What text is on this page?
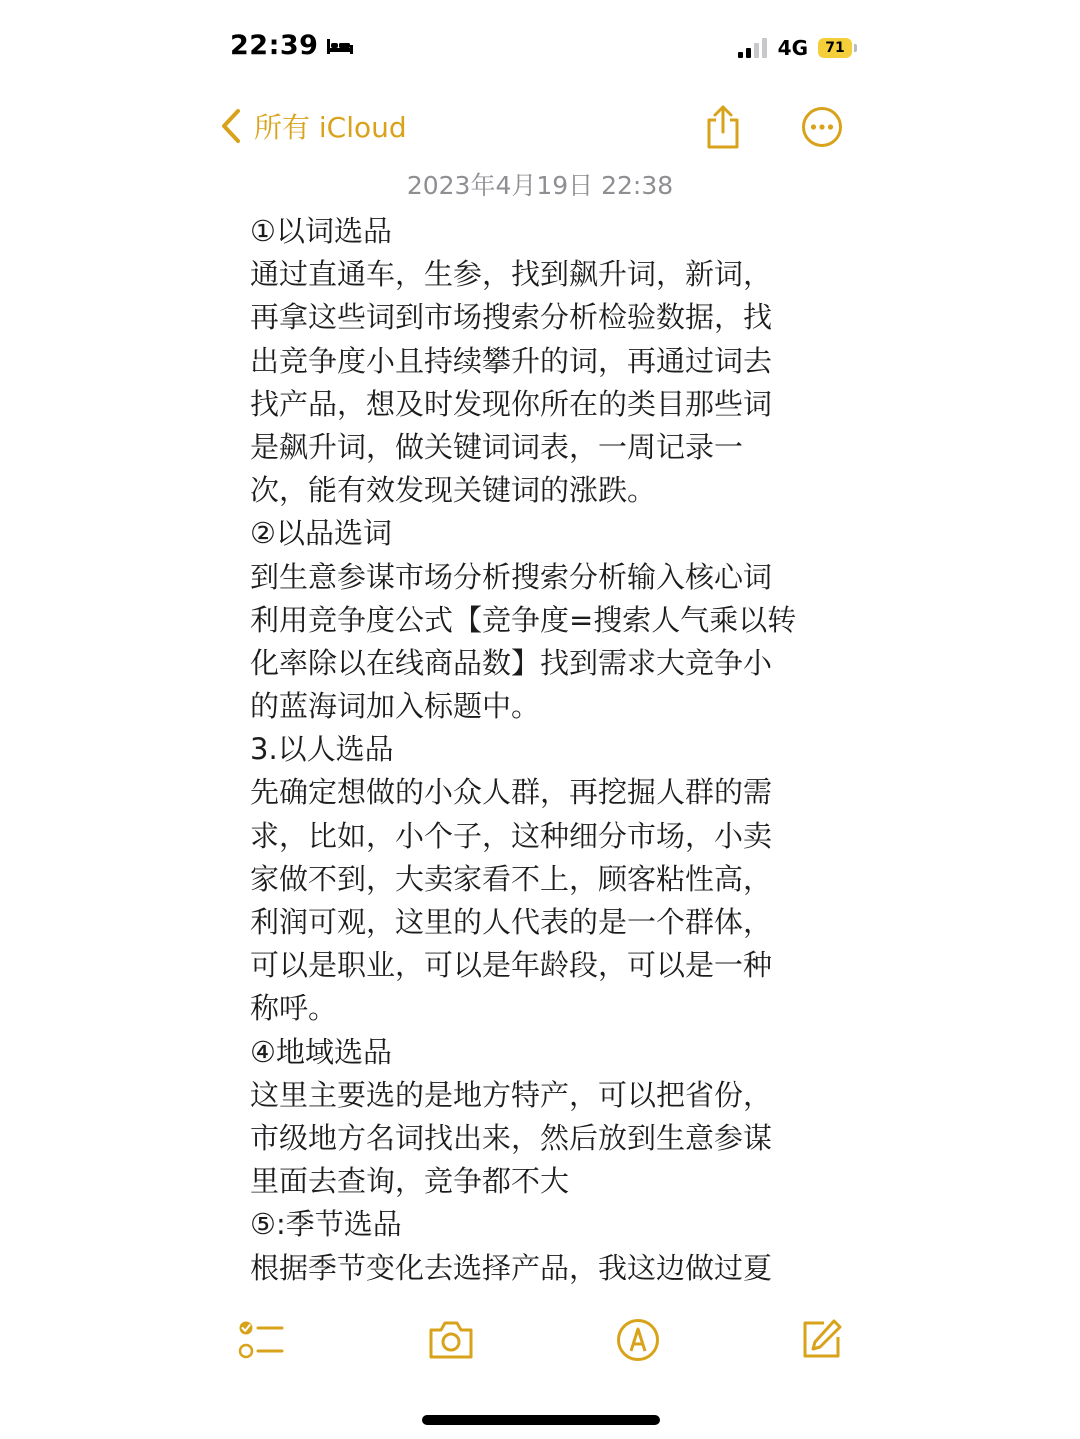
22:39	4G 71
所有 iCloud
2023年4月19日 22:38
①以词选品
通过直通车，生参，找到飙升词，新词，
再拿这些词到市场搜索分析检验数据，找
出竞争度小且持续攀升的词，再通过词去
找产品，想及时发现你所在的类目那些词
是飙升词，做关键词词表，一周记录一
次，能有效发现关键词的涨跌。
②以品选词
到生意参谋市场分析搜索分析输入核心词
利用竞争度公式【竞争度=搜索人气乘以转
化率除以在线商品数】找到需求大竞争小
的蓝海词加入标题中。
3.以人选品
先确定想做的小众人群，再挖掘人群的需
求，比如，小个子，这种细分市场，小卖
家做不到，大卖家看不上，顾客粘性高，
利润可观，这里的人代表的是一个群体，
可以是职业，可以是年龄段，可以是一种
称呼。
④地域选品
这里主要选的是地方特产，可以把省份，
市级地方名词找出来，然后放到生意参谋
里面去查询，竞争都不大
⑤:季节选品
根据季节变化去选择产品，我这边做过夏
